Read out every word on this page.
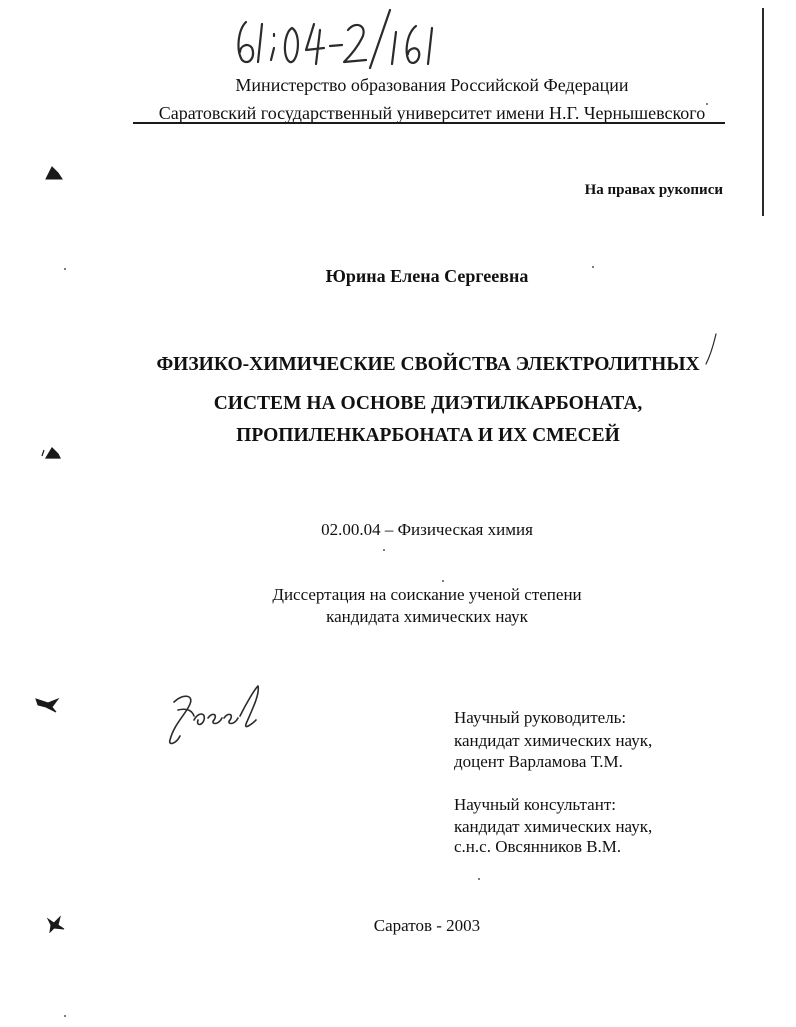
Министерство образования Российской Федерации
Саратовский государственный университет имени Н.Г. Чернышевского
На правах рукописи
Юрина Елена Сергеевна
ФИЗИКО-ХИМИЧЕСКИЕ СВОЙСТВА ЭЛЕКТРОЛИТНЫХ
СИСТЕМ НА ОСНОВЕ ДИЭТИЛКАРБОНАТА,
ПРОПИЛЕНКАРБОНАТА И ИХ СМЕСЕЙ
02.00.04 – Физическая химия
Диссертация на соискание ученой степени
кандидата химических наук
Научный руководитель:
кандидат химических наук,
доцент Варламова Т.М.
Научный консультант:
кандидат химических наук,
с.н.с. Овсянников В.М.
Саратов - 2003
